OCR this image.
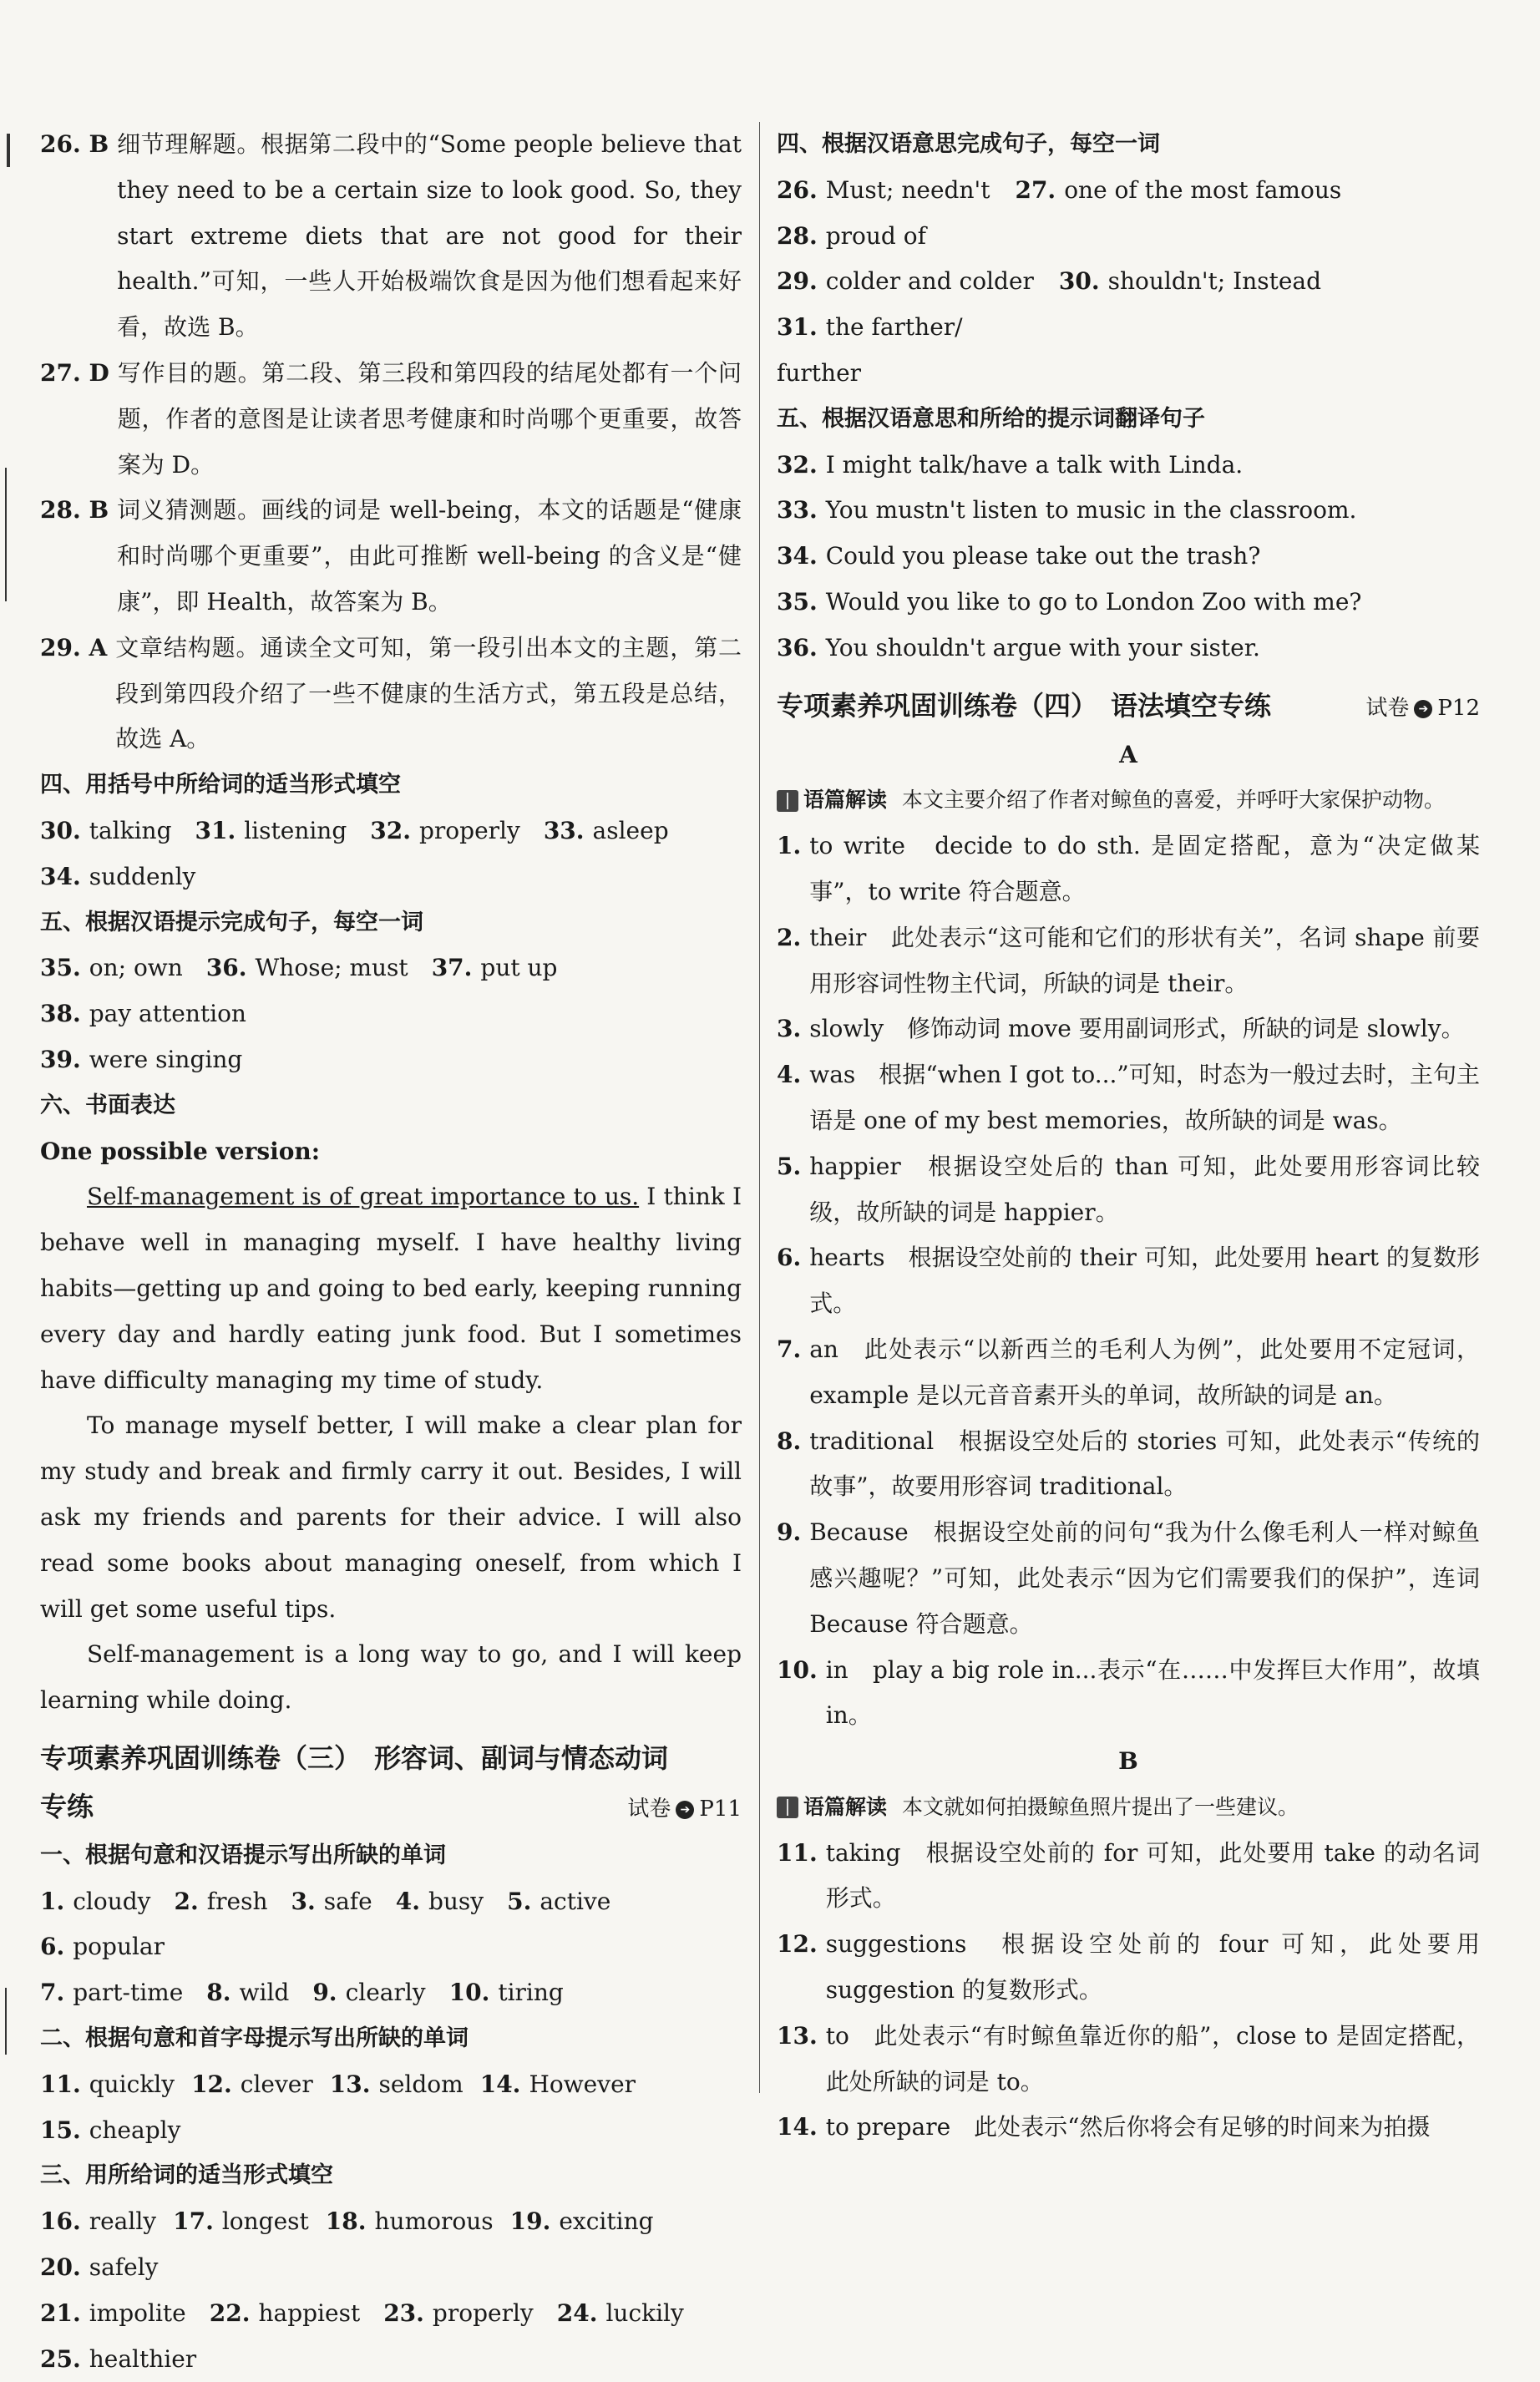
26. B 细节理解题。根据第二段中的“Some people believe that they need to be a certain size to look good. So, they start extreme diets that are not good for their health.”可知，一些人开始极端饮食是因为他们想看起来好看，故选 B。
27. D 写作目的题。第二段、第三段和第四段的结尾处都有一个问题，作者的意图是让读者思考健康和时尚哪个更重要，故答案为 D。
28. B 词义猜测题。画线的词是 well-being，本文的话题是“健康和时尚哪个更重要”，由此可推断 well-being 的含义是“健康”，即 Health，故答案为 B。
29. A 文章结构题。通读全文可知，第一段引出本文的主题，第二段到第四段介绍了一些不健康的生活方式，第五段是总结，故选 A。
四、用括号中所给词的适当形式填空
30. talking 31. listening 32. properly 33. asleep
34. suddenly
五、根据汉语提示完成句子，每空一词
35. on; own 36. Whose; must 37. put up
38. pay attention
39. were singing
六、书面表达
One possible version:
Self-management is of great importance to us. I think I behave well in managing myself. I have healthy living habits—getting up and going to bed early, keeping running every day and hardly eating junk food. But I sometimes have difficulty managing my time of study.
To manage myself better, I will make a clear plan for my study and break and firmly carry it out. Besides, I will ask my friends and parents for their advice. I will also read some books about managing oneself, from which I will get some useful tips.
Self-management is a long way to go, and I will keep learning while doing.
专项素养巩固训练卷（三）　形容词、副词与情态动词
专练	试卷 ➔ P11
一、根据句意和汉语提示写出所缺的单词
1. cloudy 2. fresh 3. safe 4. busy 5. active
6. popular
7. part-time 8. wild 9. clearly 10. tiring
二、根据句意和首字母提示写出所缺的单词
11. quickly 12. clever 13. seldom 14. However
15. cheaply
三、用所给词的适当形式填空
16. really 17. longest 18. humorous 19. exciting
20. safely
21. impolite 22. happiest 23. properly 24. luckily
25. healthier
四、根据汉语意思完成句子，每空一词
26. Must; needn't 27. one of the most famous
28. proud of
29. colder and colder 30. shouldn't; Instead
31. the farther/
further
五、根据汉语意思和所给的提示词翻译句子
32. I might talk/have a talk with Linda.
33. You mustn't listen to music in the classroom.
34. Could you please take out the trash?
35. Would you like to go to London Zoo with me?
36. You shouldn't argue with your sister.
专项素养巩固训练卷（四）　语法填空专练	试卷 ➔ P12
A
语篇解读 本文主要介绍了作者对鲸鱼的喜爱，并呼吁大家保护动物。
1. to write　decide to do sth. 是固定搭配，意为“决定做某事”，to write 符合题意。
2. their　此处表示“这可能和它们的形状有关”，名词 shape 前要用形容词性物主代词，所缺的词是 their。
3. slowly　修饰动词 move 要用副词形式，所缺的词是 slowly。
4. was　根据“when I got to...”可知，时态为一般过去时，主句主语是 one of my best memories，故所缺的词是 was。
5. happier　根据设空处后的 than 可知，此处要用形容词比较级，故所缺的词是 happier。
6. hearts　根据设空处前的 their 可知，此处要用 heart 的复数形式。
7. an　此处表示“以新西兰的毛利人为例”，此处要用不定冠词，example 是以元音音素开头的单词，故所缺的词是 an。
8. traditional　根据设空处后的 stories 可知，此处表示“传统的故事”，故要用形容词 traditional。
9. Because　根据设空处前的问句“我为什么像毛利人一样对鲸鱼感兴趣呢？”可知，此处表示“因为它们需要我们的保护”，连词 Because 符合题意。
10. in　play a big role in...表示“在……中发挥巨大作用”，故填 in。
B
语篇解读 本文就如何拍摄鲸鱼照片提出了一些建议。
11. taking　根据设空处前的 for 可知，此处要用 take 的动名词形式。
12. suggestions　根据设空处前的 four 可知，此处要用 suggestion 的复数形式。
13. to　此处表示“有时鲸鱼靠近你的船”，close to 是固定搭配，此处所缺的词是 to。
14. to prepare　此处表示“然后你将会有足够的时间来为拍摄
